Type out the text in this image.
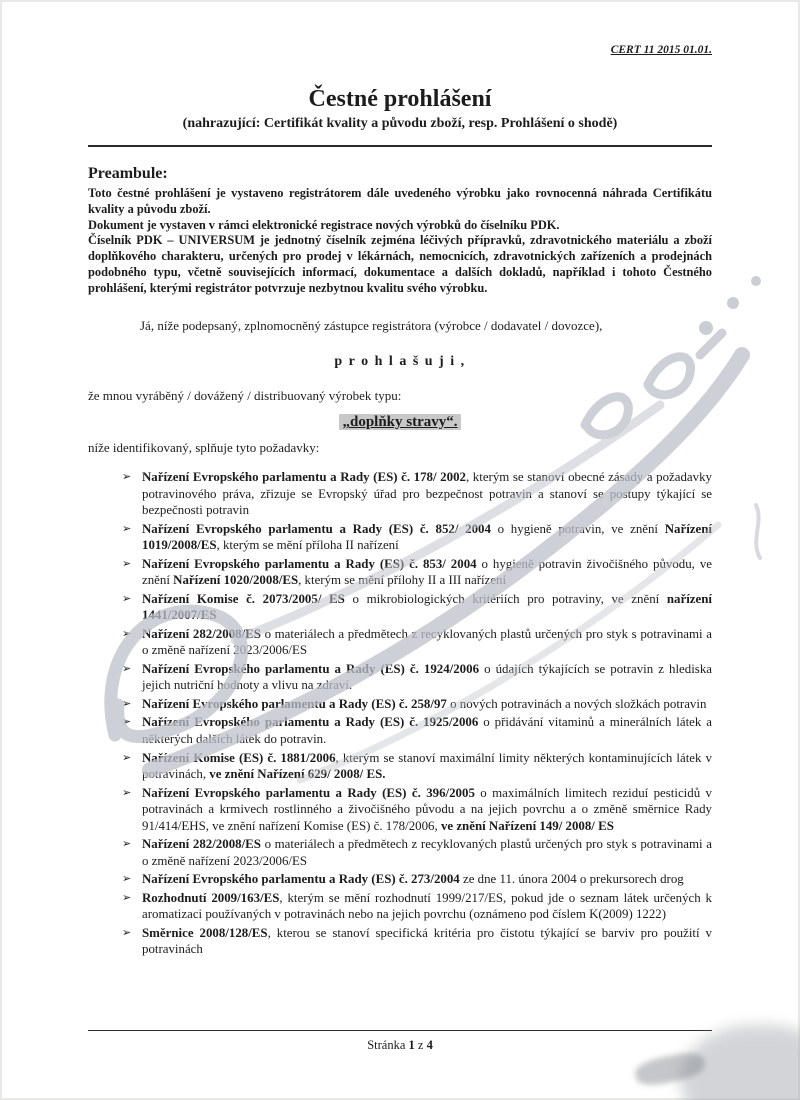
CERT 11 2015 01.01.
Čestné prohlášení
(nahrazující: Certifikát kvality a původu zboží, resp. Prohlášení o shodě)
Preambule:
Toto čestné prohlášení je vystaveno registrátorem dále uvedeného výrobku jako rovnocenná náhrada Certifikátu kvality a původu zboží.
Dokument je vystaven v rámci elektronické registrace nových výrobků do číselníku PDK.
Číselník PDK – UNIVERSUM je jednotný číselník zejména léčivých přípravků, zdravotnického materiálu a zboží doplňkového charakteru, určených pro prodej v lékárnách, nemocnicích, zdravotnických zařízeních a prodejnách podobného typu, včetně souvisejících informací, dokumentace a dalších dokladů, například i tohoto Čestného prohlášení, kterými registrátor potvrzuje nezbytnou kvalitu svého výrobku.

Já, níže podepsaný, zplnomocněný zástupce registrátora (výrobce / dodavatel / dovozce),

p r o h l a š u j i ,

že mnou vyráběný / dovážený / distribuovaný výrobek typu:

„doplňky stravy“.

níže identifikovaný, splňuje tyto požadavky:

➢ Nařízení Evropského parlamentu a Rady (ES) č. 178/ 2002, kterým se stanoví obecné zásady a požadavky potravinového práva, zřizuje se Evropský úřad pro bezpečnost potravin a stanoví se postupy týkající se bezpečnosti potravin
➢ Nařízení Evropského parlamentu a Rady (ES) č. 852/ 2004 o hygieně potravin, ve znění Nařízení 1019/2008/ES, kterým se mění příloha II nařízení
➢ Nařízení Evropského parlamentu a Rady (ES) č. 853/ 2004 o hygieně potravin živočišného původu, ve znění Nařízení 1020/2008/ES, kterým se mění přílohy II a III nařízení
➢ Nařízení Komise č. 2073/2005/ ES o mikrobiologických kritériích pro potraviny, ve znění nařízení 1441/2007/ES
➢ Nařízení 282/2008/ES o materiálech a předmětech z recyklovaných plastů určených pro styk s potravinami a o změně nařízení 2023/2006/ES
➢ Nařízení Evropského parlamentu a Rady (ES) č. 1924/2006 o údajích týkajících se potravin z hlediska jejich nutriční hodnoty a vlivu na zdraví.
➢ Nařízení Evropského parlamentu a Rady (ES) č. 258/97 o nových potravinách a nových složkách potravin
➢ Nařízení Evropského parlamentu a Rady (ES) č. 1925/2006 o přidávání vitaminů a minerálních látek a některých dalších látek do potravin.
➢ Nařízení Komise (ES) č. 1881/2006, kterým se stanoví maximální limity některých kontaminujících látek v potravinách, ve znění Nařízení 629/ 2008/ ES.
➢ Nařízení Evropského parlamentu a Rady (ES) č. 396/2005 o maximálních limitech reziduí pesticidů v potravinách a krmivech rostlinného a živočišného původu a na jejich povrchu a o změně směrnice Rady 91/414/EHS, ve znění nařízení Komise (ES) č. 178/2006, ve znění Nařízení 149/ 2008/ ES
➢ Nařízení 282/2008/ES o materiálech a předmětech z recyklovaných plastů určených pro styk s potravinami a o změně nařízení 2023/2006/ES
➢ Nařízení Evropského parlamentu a Rady (ES) č. 273/2004 ze dne 11. února 2004 o prekursorech drog
➢ Rozhodnutí 2009/163/ES, kterým se mění rozhodnutí 1999/217/ES, pokud jde o seznam látek určených k aromatizaci používaných v potravinách nebo na jejich povrchu (oznámeno pod číslem K(2009) 1222)
➢ Směrnice 2008/128/ES, kterou se stanoví specifická kritéria pro čistotu týkající se barviv pro použití v potravinách
Stránka 1 z 4
